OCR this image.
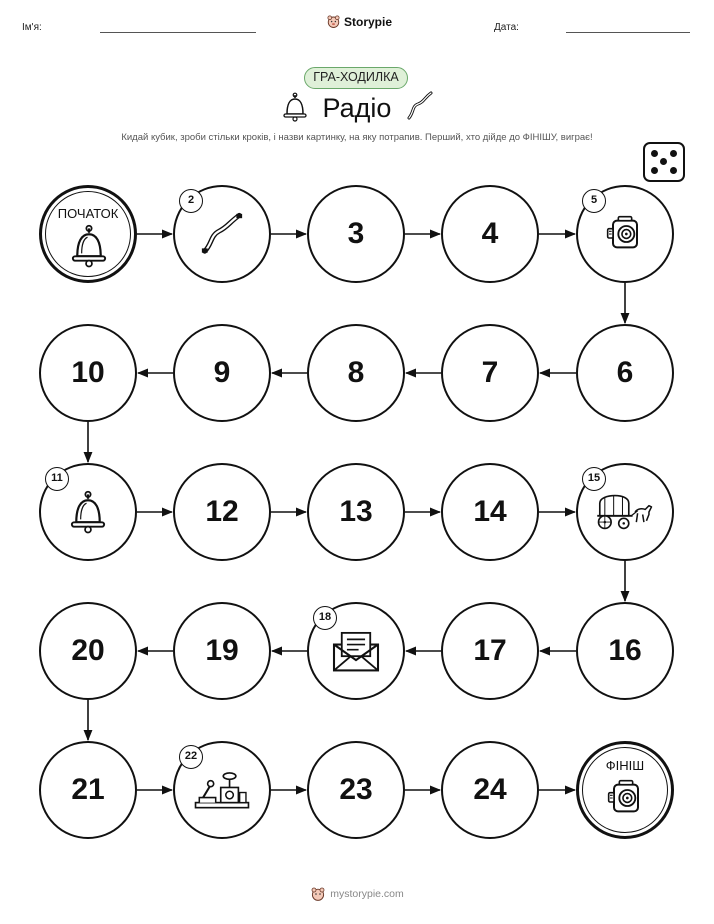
Ім'я:	Storypie	Дата:
ГРА-ХОДИЛКА
Радіо
Кидай кубик, зроби стільки кроків, і назви картинку, на яку потрапив. Перший, хто дійде до ФІНІШУ, виграє!
ПОЧАТОК
2
3	4
5
6
7
8
9
10
11
12	13	14
15
16
17
18
19
20
21
22
23	24
ФІНІШ
mystorypie.com
